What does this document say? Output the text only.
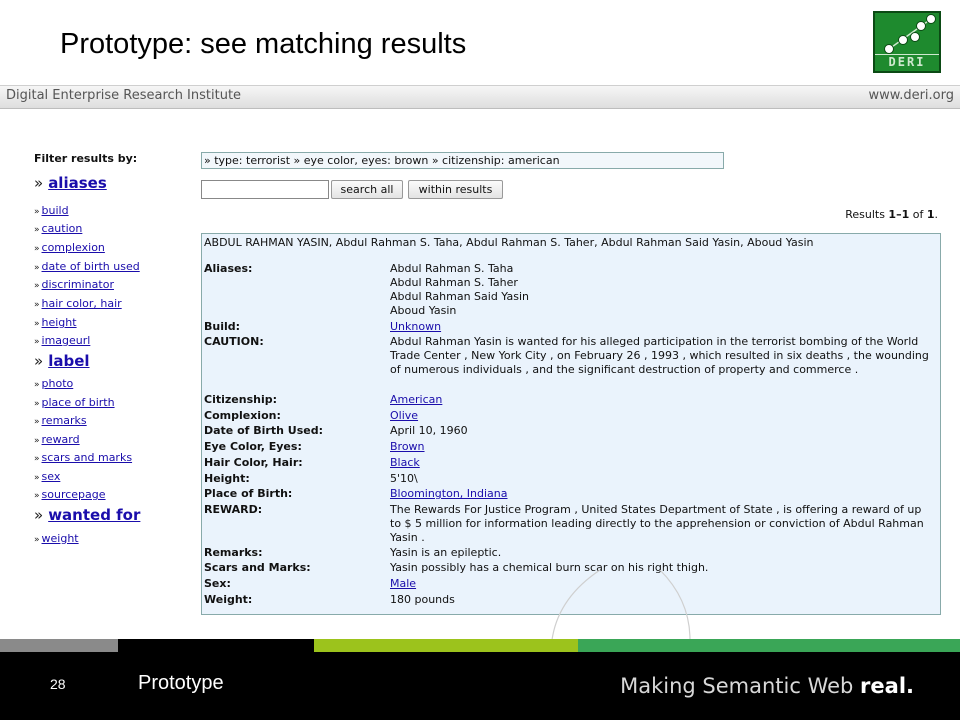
Prototype: see matching results
DERI
Digital Enterprise Research Institute	www.deri.org
Filter results by:
» aliases
» build
» caution
» complexion
» date of birth used
» discriminator
» hair color, hair
» height
» imageurl
» label
» photo
» place of birth
» remarks
» reward
» scars and marks
» sex
» sourcepage
» wanted for
» weight
» type: terrorist » eye color, eyes: brown » citizenship: american
search all	within results
Results 1–1 of 1.
ABDUL RAHMAN YASIN, Abdul Rahman S. Taha, Abdul Rahman S. Taher, Abdul Rahman Said Yasin, Aboud Yasin
Aliases:	Abdul Rahman S. Taha
Abdul Rahman S. Taher
Abdul Rahman Said Yasin
Aboud Yasin
Build:	Unknown
CAUTION:	Abdul Rahman Yasin is wanted for his alleged participation in the terrorist bombing of the World Trade Center , New York City , on February 26 , 1993 , which resulted in six deaths , the wounding of numerous individuals , and the significant destruction of property and commerce .
Citizenship:	American
Complexion:	Olive
Date of Birth Used:	April 10, 1960
Eye Color, Eyes:	Brown
Hair Color, Hair:	Black
Height:	5'10\
Place of Birth:	Bloomington, Indiana
REWARD:	The Rewards For Justice Program , United States Department of State , is offering a reward of up to $ 5 million for information leading directly to the apprehension or conviction of Abdul Rahman Yasin .
Remarks:	Yasin is an epileptic.
Scars and Marks:	Yasin possibly has a chemical burn scar on his right thigh.
Sex:	Male
Weight:	180 pounds
28	Prototype	Making Semantic Web real.
